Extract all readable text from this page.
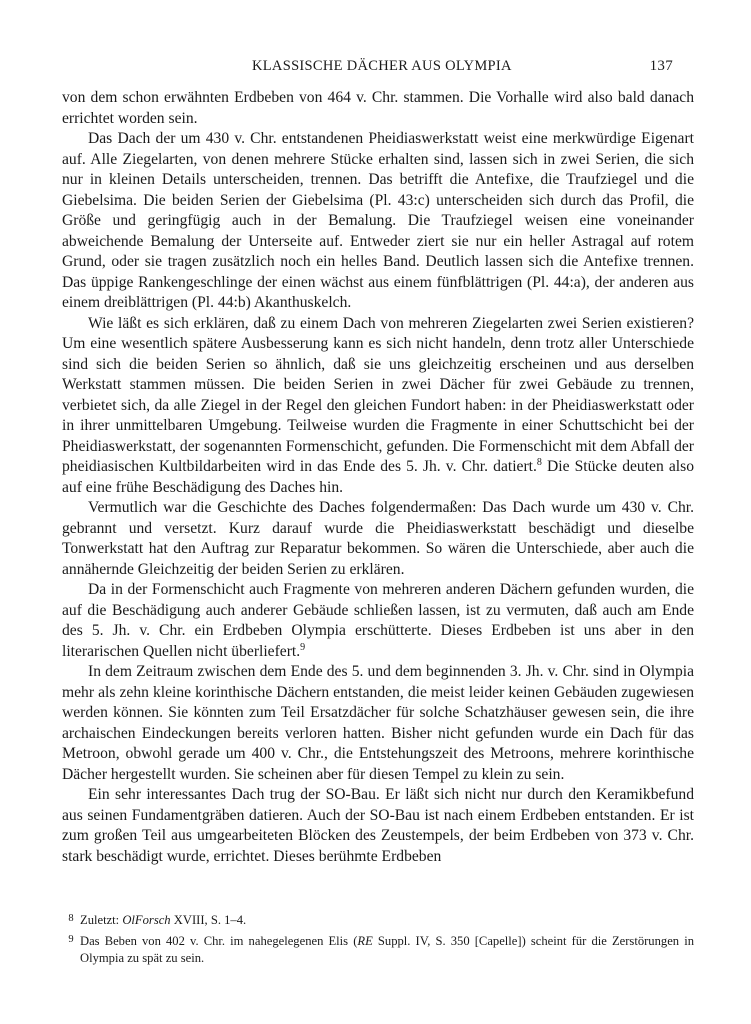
KLASSISCHE DÄCHER AUS OLYMPIA	137

von dem schon erwähnten Erdbeben von 464 v. Chr. stammen. Die Vorhalle wird also bald danach errichtet worden sein.

Das Dach der um 430 v. Chr. entstandenen Pheidiaswerkstatt weist eine merkwürdige Eigenart auf. Alle Ziegelarten, von denen mehrere Stücke erhalten sind, lassen sich in zwei Serien, die sich nur in kleinen Details unterscheiden, trennen. Das betrifft die Antefixe, die Traufziegel und die Giebelsima. Die beiden Serien der Giebelsima (Pl. 43:c) unterscheiden sich durch das Profil, die Größe und geringfügig auch in der Bemalung. Die Traufziegel weisen eine voneinander abweichende Bemalung der Unterseite auf. Entweder ziert sie nur ein heller Astragal auf rotem Grund, oder sie tragen zusätzlich noch ein helles Band. Deutlich lassen sich die Antefixe trennen. Das üppige Rankengeschlinge der einen wächst aus einem fünfblättrigen (Pl. 44:a), der anderen aus einem dreiblättrigen (Pl. 44:b) Akanthuskelch.

Wie läßt es sich erklären, daß zu einem Dach von mehreren Ziegelarten zwei Serien existieren? Um eine wesentlich spätere Ausbesserung kann es sich nicht handeln, denn trotz aller Unterschiede sind sich die beiden Serien so ähnlich, daß sie uns gleichzeitig erscheinen und aus derselben Werkstatt stammen müssen. Die beiden Serien in zwei Dächer für zwei Gebäude zu trennen, verbietet sich, da alle Ziegel in der Regel den gleichen Fundort haben: in der Pheidiaswerkstatt oder in ihrer unmittelbaren Umgebung. Teilweise wurden die Fragmente in einer Schuttschicht bei der Pheidiaswerkstatt, der sogenannten Formenschicht, gefunden. Die Formenschicht mit dem Abfall der pheidiasischen Kultbildarbeiten wird in das Ende des 5. Jh. v. Chr. datiert.$^8$ Die Stücke deuten also auf eine frühe Beschädigung des Daches hin.

Vermutlich war die Geschichte des Daches folgendermaßen: Das Dach wurde um 430 v. Chr. gebrannt und versetzt. Kurz darauf wurde die Pheidiaswerkstatt beschädigt und dieselbe Tonwerkstatt hat den Auftrag zur Reparatur bekommen. So wären die Unterschiede, aber auch die annähernde Gleichzeitig der beiden Serien zu erklären.

Da in der Formenschicht auch Fragmente von mehreren anderen Dächern gefunden wurden, die auf die Beschädigung auch anderer Gebäude schließen lassen, ist zu vermuten, daß auch am Ende des 5. Jh. v. Chr. ein Erdbeben Olympia erschütterte. Dieses Erdbeben ist uns aber in den literarischen Quellen nicht überliefert.$^9$

In dem Zeitraum zwischen dem Ende des 5. und dem beginnenden 3. Jh. v. Chr. sind in Olympia mehr als zehn kleine korinthische Dächern entstanden, die meist leider keinen Gebäuden zugewiesen werden können. Sie könnten zum Teil Ersatzdächer für solche Schatzhäuser gewesen sein, die ihre archaischen Eindeckungen bereits verloren hatten. Bisher nicht gefunden wurde ein Dach für das Metroon, obwohl gerade um 400 v. Chr., die Entstehungszeit des Metroons, mehrere korinthische Dächer hergestellt wurden. Sie scheinen aber für diesen Tempel zu klein zu sein.

Ein sehr interessantes Dach trug der SO-Bau. Er läßt sich nicht nur durch den Keramikbefund aus seinen Fundamentgräben datieren. Auch der SO-Bau ist nach einem Erdbeben entstanden. Er ist zum großen Teil aus umgearbeiteten Blöcken des Zeustempels, der beim Erdbeben von 373 v. Chr. stark beschädigt wurde, errichtet. Dieses berühmte Erdbeben

8 Zuletzt: OlForsch XVIII, S. 1–4.

9 Das Beben von 402 v. Chr. im nahegelegenen Elis (RE Suppl. IV, S. 350 [Capelle]) scheint für die Zerstörungen in Olympia zu spät zu sein.
